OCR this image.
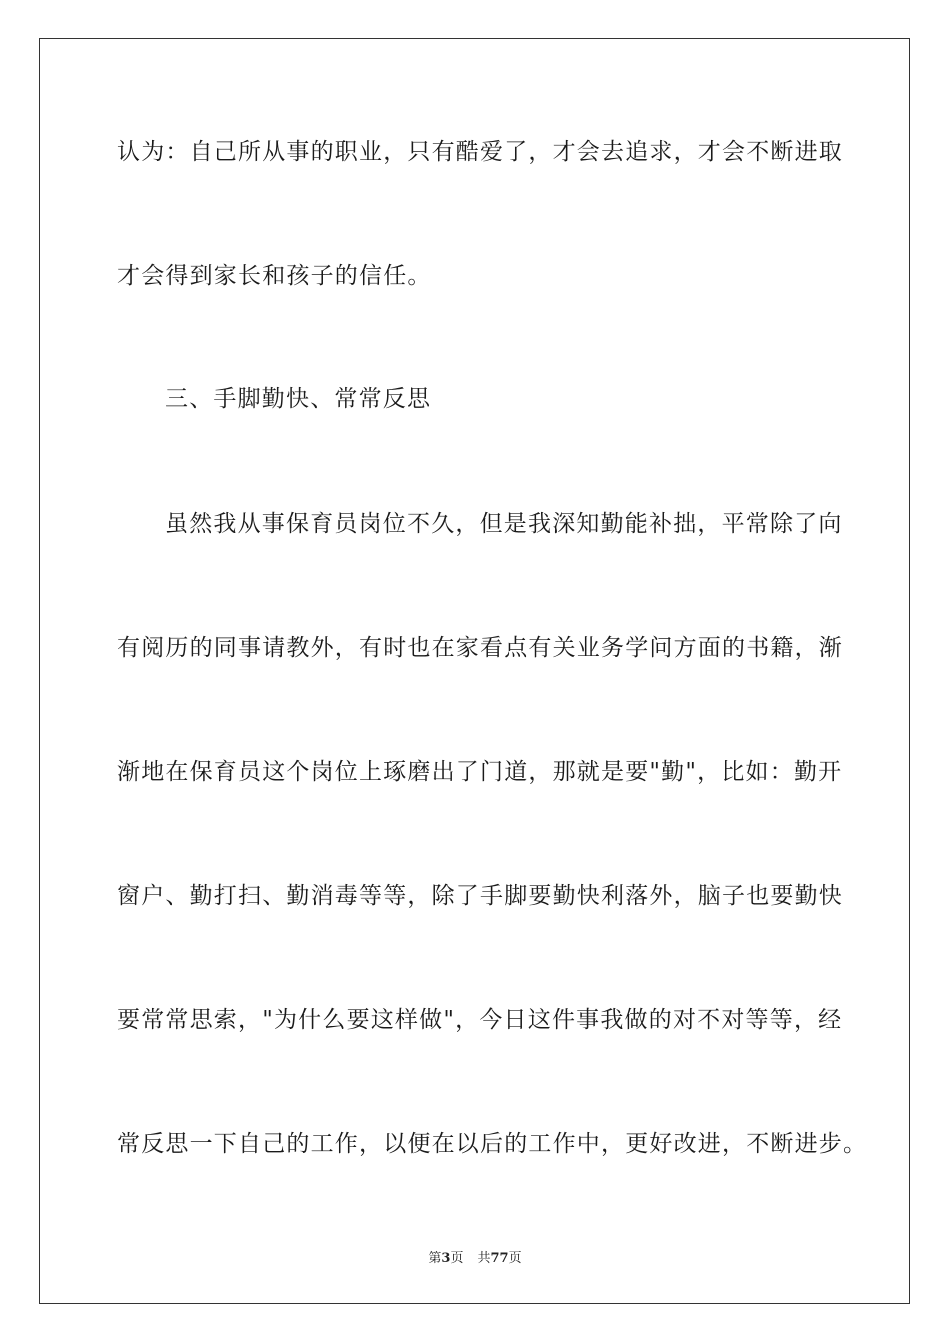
认为：自己所从事的职业，只有酷爱了，才会去追求，才会不断进取
才会得到家长和孩子的信任。
三、手脚勤快、常常反思
虽然我从事保育员岗位不久，但是我深知勤能补拙，平常除了向
有阅历的同事请教外，有时也在家看点有关业务学问方面的书籍，渐
渐地在保育员这个岗位上琢磨出了门道，那就是要"勤"，比如：勤开
窗户、勤打扫、勤消毒等等，除了手脚要勤快利落外，脑子也要勤快
要常常思索，"为什么要这样做"，今日这件事我做的对不对等等，经
常反思一下自己的工作，以便在以后的工作中，更好改进，不断进步。
第3页 共77页
